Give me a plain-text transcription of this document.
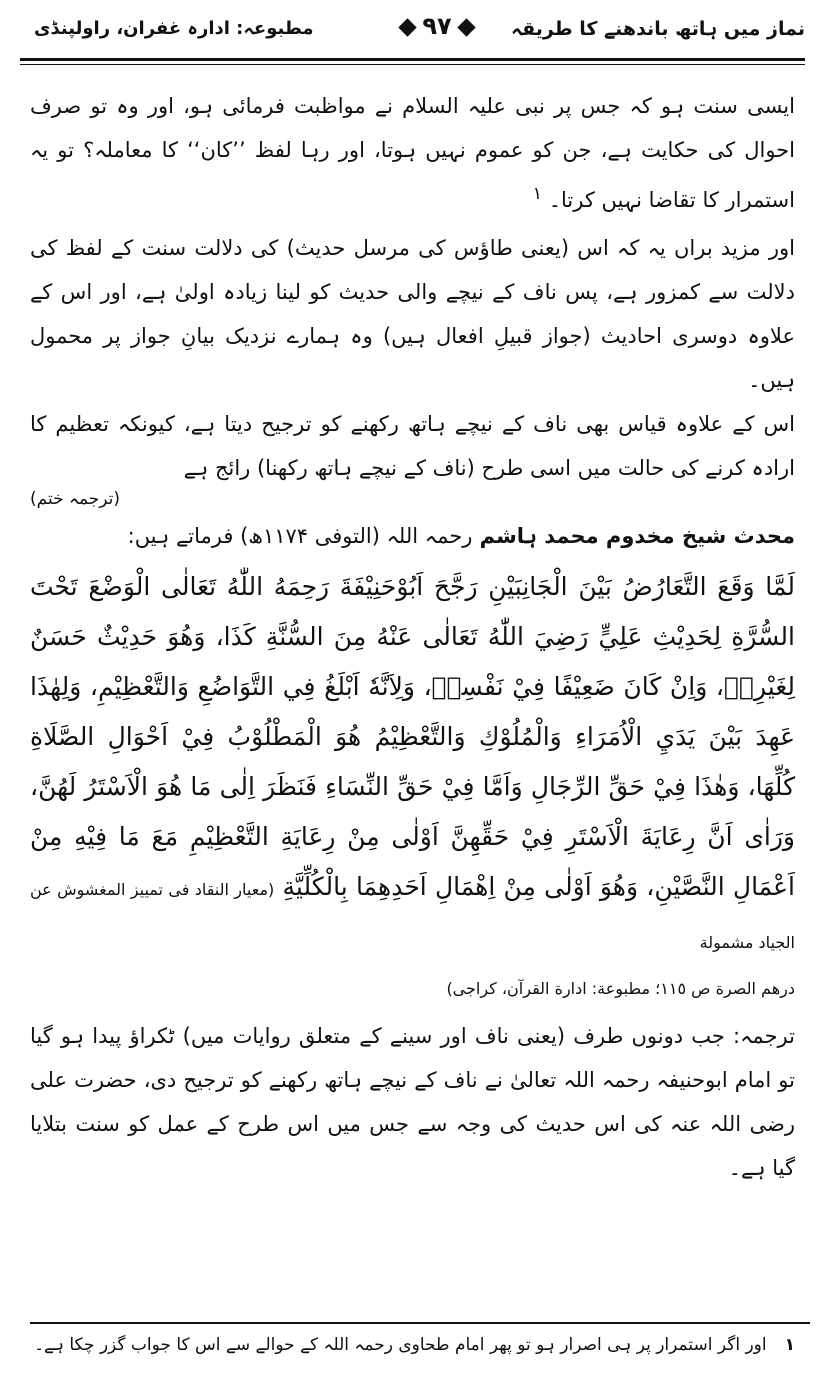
نماز میں ہاتھ باندھنے کا طریقہ
۹۷
مطبوعہ: ادارہ غفران، راولپنڈی

ایسی سنت ہو کہ جس پر نبی علیہ السلام نے مواظبت فرمائی ہو، اور وہ تو صرف احوال کی حکایت ہے، جن کو عموم نہیں ہوتا، اور رہا لفظ ’’کان‘‘ کا معاملہ؟ تو یہ استمرار کا تقاضا نہیں کرتا۔ $^۱$

اور مزید براں یہ کہ اس (یعنی طاؤس کی مرسل حدیث) کی دلالت سنت کے لفظ کی دلالت سے کمزور ہے، پس ناف کے نیچے والی حدیث کو لینا زیادہ اولیٰ ہے، اور اس کے علاوہ دوسری احادیث (جواز قبیلِ افعال ہیں) وہ ہمارے نزدیک بیانِ جواز پر محمول ہیں۔

اس کے علاوہ قیاس بھی ناف کے نیچے ہاتھ رکھنے کو ترجیح دیتا ہے، کیونکہ تعظیم کا ارادہ کرنے کی حالت میں اسی طرح (ناف کے نیچے ہاتھ رکھنا) رائج ہے

(ترجمہ ختم)

محدث شیخ مخدوم محمد ہاشم رحمہ اللہ (التوفی ۱۱۷۴ھ) فرماتے ہیں:

لَمَّا وَقَعَ التَّعَارُضُ بَيْنَ الْجَانِبَيْنِ رَجَّحَ اَبُوْحَنِيْفَةَ رَحِمَهُ اللّٰهُ تَعَالٰى الْوَضْعَ تَحْتَ السُّرَّةِ لِحَدِيْثِ عَلِيٍّ رَضِيَ اللّٰهُ تَعَالٰى عَنْهُ مِنَ السُّنَّةِ كَذَا، وَهُوَ حَدِيْثٌ حَسَنٌ لِغَيْرِهٖ، وَاِنْ كَانَ ضَعِيْفًا فِيْ نَفْسِهٖ، وَلِاَنَّهٗ اَبْلَغُ فِي التَّوَاضُعِ وَالتَّعْظِيْمِ، وَلِهٰذَا عَهِدَ بَيْنَ يَدَيِ الْاُمَرَاءِ وَالْمُلُوْكِ وَالتَّعْظِيْمُ هُوَ الْمَطْلُوْبُ فِيْ اَحْوَالِ الصَّلَاةِ كُلِّهَا، وَهٰذَا فِيْ حَقِّ الرِّجَالِ وَاَمَّا فِيْ حَقِّ النِّسَاءِ فَنَظَرَ اِلٰى مَا هُوَ الْاَسْتَرُ لَهُنَّ، وَرَاٰى اَنَّ رِعَايَةَ الْاَسْتَرِ فِيْ حَقِّهِنَّ اَوْلٰى مِنْ رِعَايَةِ التَّعْظِيْمِ مَعَ مَا فِيْهِ مِنْ اَعْمَالِ النَّصَّيْنِ، وَهُوَ اَوْلٰى مِنْ اِهْمَالِ اَحَدِهِمَا بِالْكُلِّيَّةِ (معيار النقاد فى تمييز المغشوش عن الجياد مشمولة

درهم الصرة ص ١١٥؛ مطبوعة: ادارة القرآن، كراجى)

ترجمہ: جب دونوں طرف (یعنی ناف اور سینے کے متعلق روایات میں) ٹکراؤ پیدا ہو گیا تو امام ابوحنیفہ رحمہ اللہ تعالیٰ نے ناف کے نیچے ہاتھ رکھنے کو ترجیح دی، حضرت علی رضی اللہ عنہ کی اس حدیث کی وجہ سے جس میں اس طرح کے عمل کو سنت بتلایا گیا ہے۔

۱اور اگر استمرار پر ہی اصرار ہو تو پھر امام طحاوی رحمہ اللہ کے حوالے سے اس کا جواب گزر چکا ہے۔
